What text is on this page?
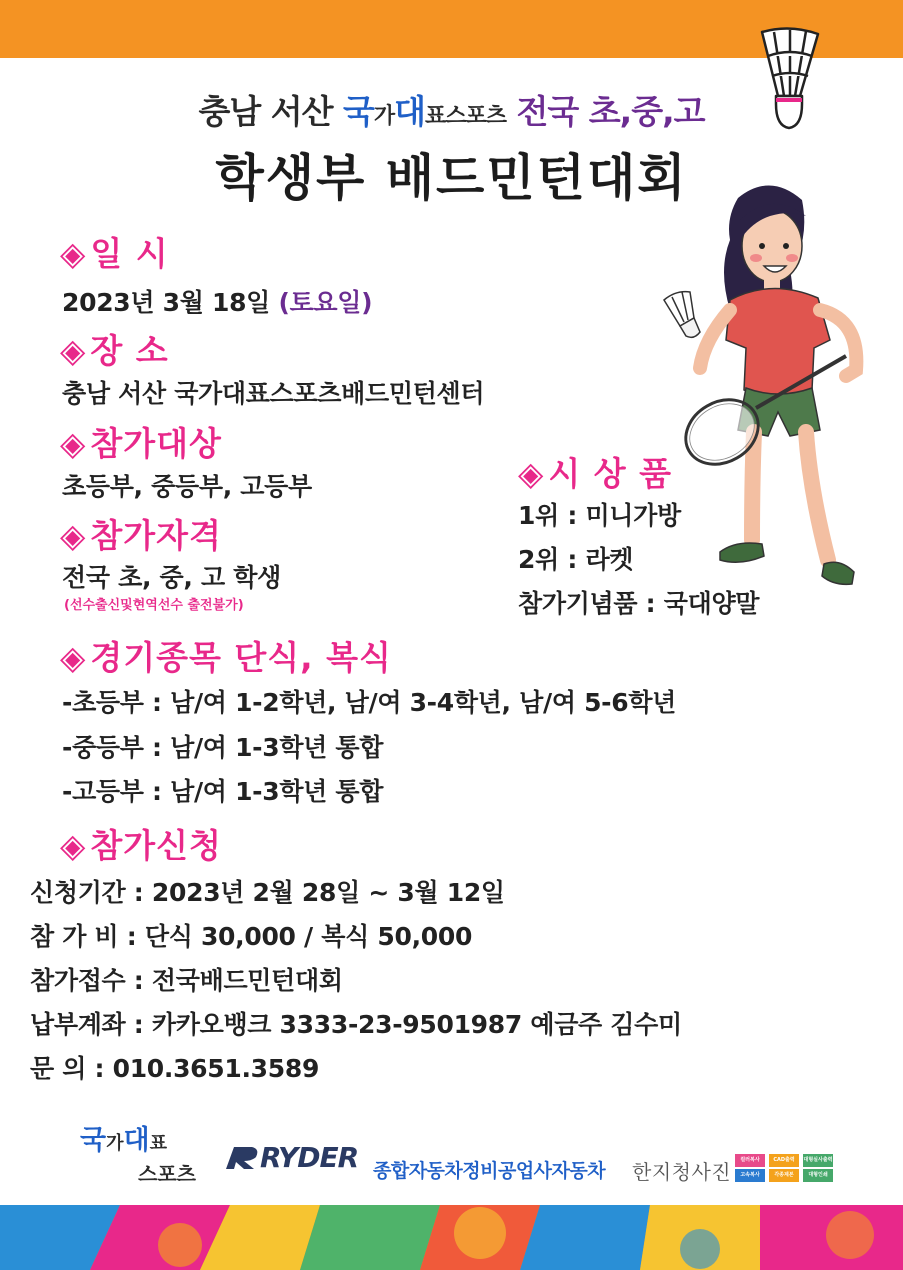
충남 서산 국가대표스포츠 전국 초,중,고
학생부 배드민턴대회
◈ 일 시
2023년 3월 18일 (토요일)
◈ 장 소
충남 서산 국가대표스포츠배드민턴센터
◈ 참가대상
초등부, 중등부, 고등부
◈ 참가자격
전국 초, 중, 고 학생
(선수출신및현역선수 출전불가)
◈ 시 상 품
1위 : 미니가방
2위 : 라켓
참가기념품 : 국대양말
◈ 경기종목 단식, 복식
-초등부 : 남/여 1-2학년, 남/여 3-4학년, 남/여 5-6학년
-중등부 : 남/여 1-3학년 통합
-고등부 : 남/여 1-3학년 통합
◈ 참가신청
신청기간 : 2023년 2월 28일 ~ 3월 12일
참 가 비 : 단식 30,000 / 복식 50,000
참가접수 : 전국배드민턴대회
납부계좌 : 카카오뱅크 3333-23-9501987 예금주 김수미
문 의 : 010.3651.3589
국가대표
스포츠	RYDER 종합자동차정비공업사자동차 한지청사진	컬러복사	CAD출력	대형실사출력
고속복사	각종제본	대형인쇄
